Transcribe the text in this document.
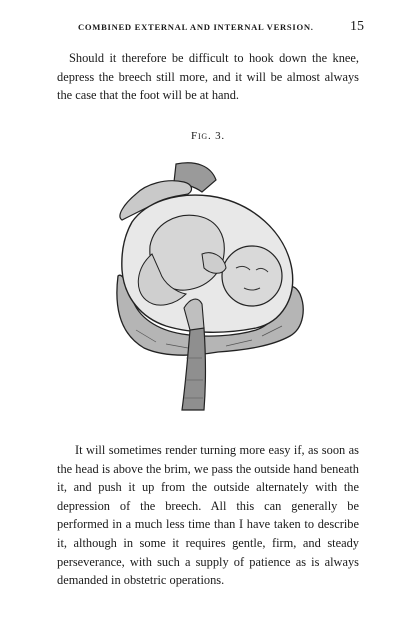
COMBINED EXTERNAL AND INTERNAL VERSION.	15

Should it therefore be difficult to hook down the knee, depress the breech still more, and it will be almost always the case that the foot will be at hand.

Fig. 3.

It will sometimes render turning more easy if, as soon as the head is above the brim, we pass the outside hand beneath it, and push it up from the outside alternately with the depression of the breech. All this can generally be performed in a much less time than I have taken to describe it, although in some it requires gentle, firm, and steady perseverance, with such a supply of patience as is always demanded in obstetric operations.
